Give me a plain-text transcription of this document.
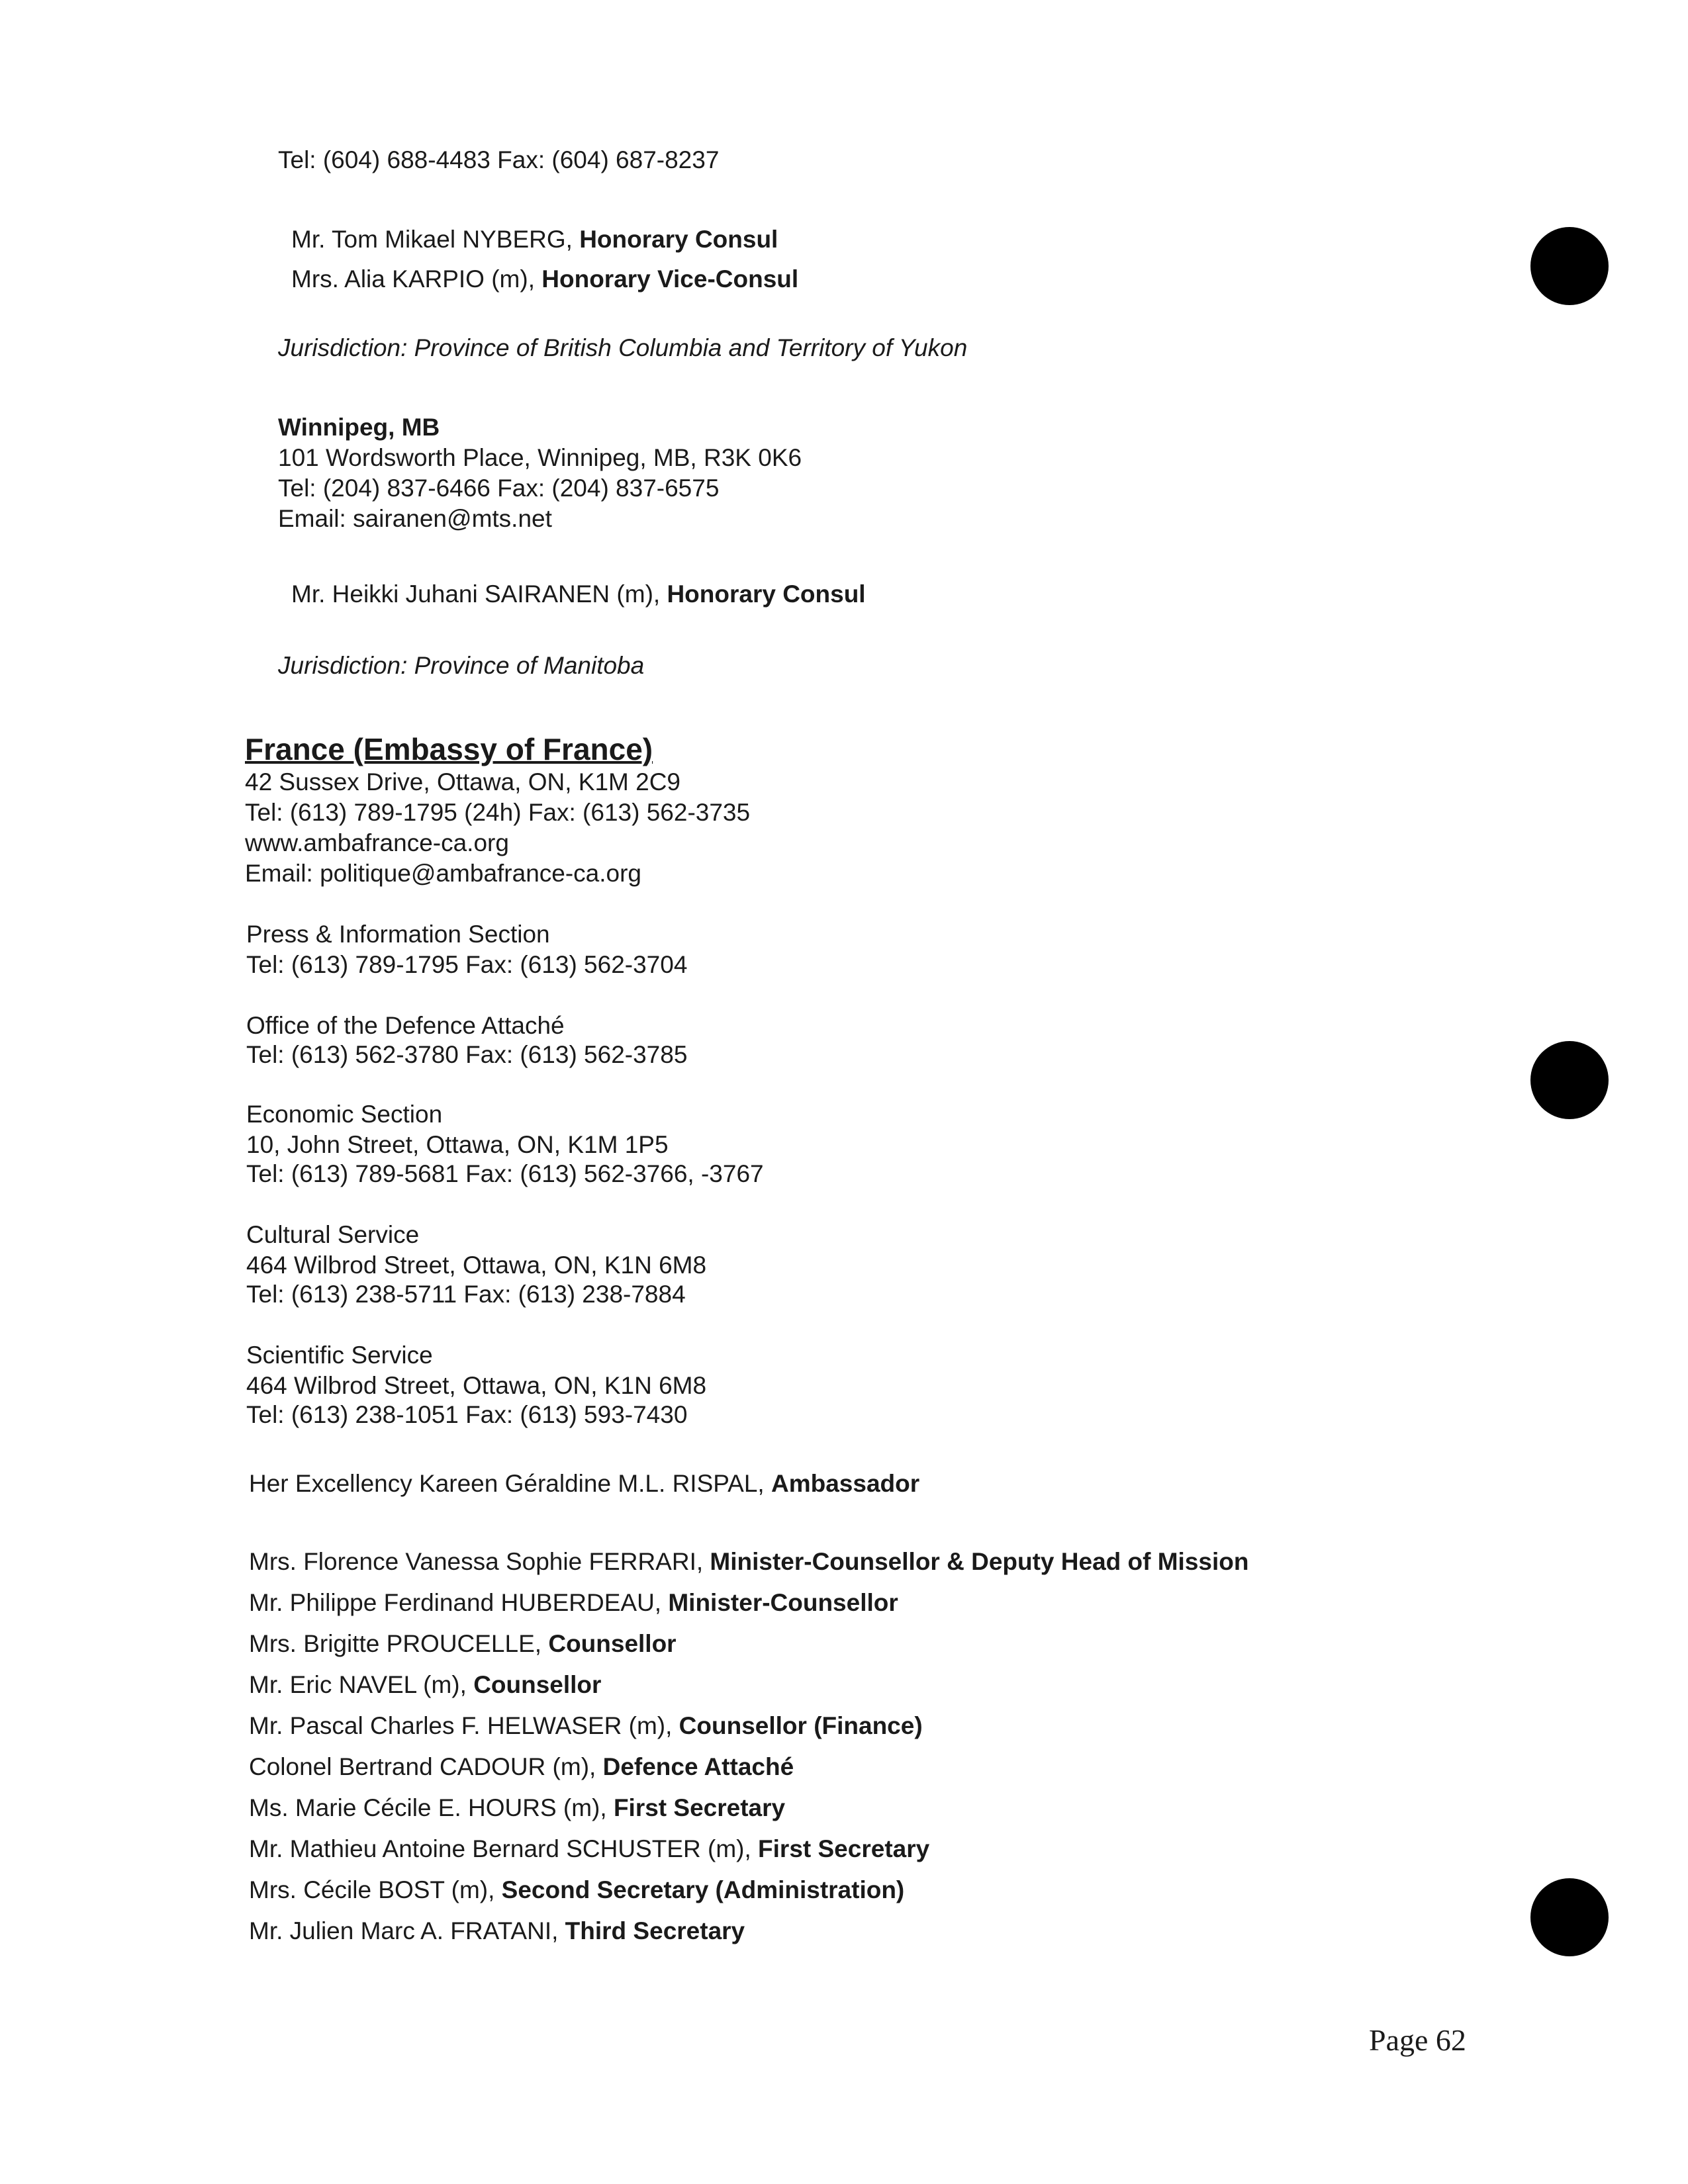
Tel: (604) 688-4483 Fax: (604) 687-8237
Mr. Tom Mikael NYBERG, Honorary Consul
Mrs. Alia KARPIO (m), Honorary Vice-Consul
Jurisdiction: Province of British Columbia and Territory of Yukon
Winnipeg, MB
101 Wordsworth Place, Winnipeg, MB, R3K 0K6
Tel: (204) 837-6466 Fax: (204) 837-6575
Email: sairanen@mts.net
Mr. Heikki Juhani SAIRANEN (m), Honorary Consul
Jurisdiction: Province of Manitoba
France (Embassy of France)
42 Sussex Drive, Ottawa, ON, K1M 2C9
Tel: (613) 789-1795 (24h) Fax: (613) 562-3735
www.ambafrance-ca.org
Email: politique@ambafrance-ca.org
Press & Information Section
Tel: (613) 789-1795 Fax: (613) 562-3704
Office of the Defence Attaché
Tel: (613) 562-3780 Fax: (613) 562-3785
Economic Section
10, John Street, Ottawa, ON, K1M 1P5
Tel: (613) 789-5681 Fax: (613) 562-3766, -3767
Cultural Service
464 Wilbrod Street, Ottawa, ON, K1N 6M8
Tel: (613) 238-5711 Fax: (613) 238-7884
Scientific Service
464 Wilbrod Street, Ottawa, ON, K1N 6M8
Tel: (613) 238-1051 Fax: (613) 593-7430
Her Excellency Kareen Géraldine M.L. RISPAL, Ambassador
Mrs. Florence Vanessa Sophie FERRARI, Minister-Counsellor & Deputy Head of Mission
Mr. Philippe Ferdinand HUBERDEAU, Minister-Counsellor
Mrs. Brigitte PROUCELLE, Counsellor
Mr. Eric NAVEL (m), Counsellor
Mr. Pascal Charles F. HELWASER (m), Counsellor (Finance)
Colonel Bertrand CADOUR (m), Defence Attaché
Ms. Marie Cécile E. HOURS (m), First Secretary
Mr. Mathieu Antoine Bernard SCHUSTER (m), First Secretary
Mrs. Cécile BOST (m), Second Secretary (Administration)
Mr. Julien Marc A. FRATANI, Third Secretary
Page 62
